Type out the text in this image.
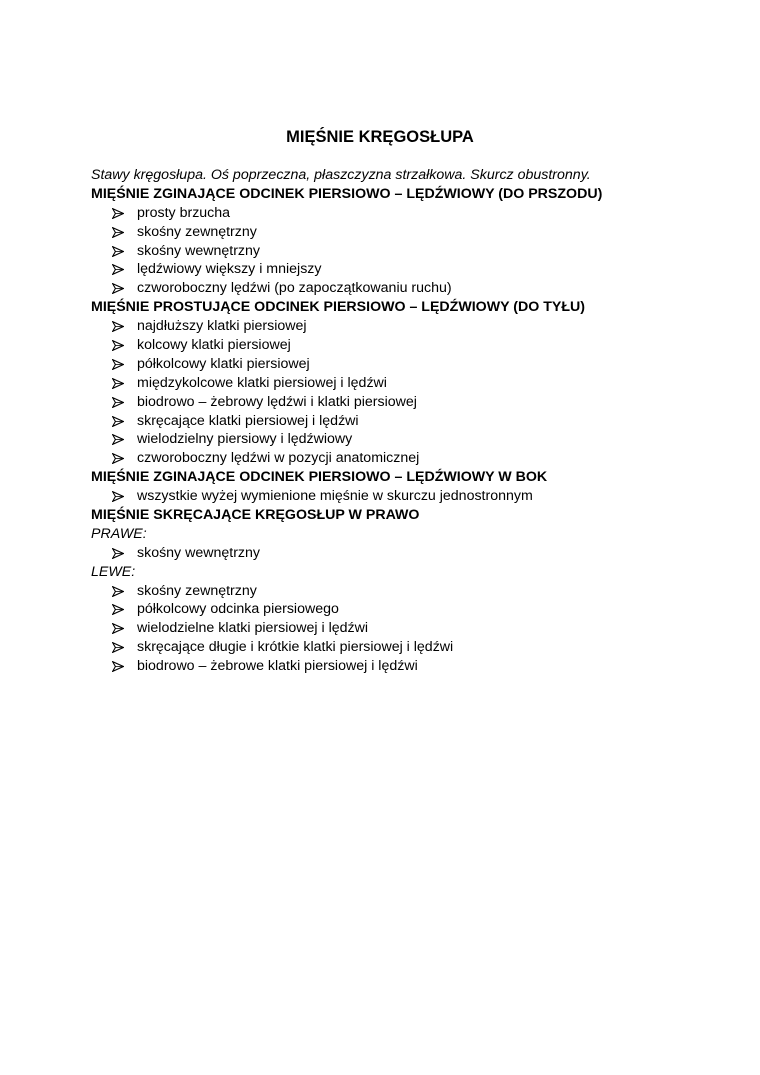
MIĘŚNIE KRĘGOSŁUPA
Stawy kręgosłupa. Oś poprzeczna, płaszczyzna strzałkowa. Skurcz obustronny.
MIĘŚNIE ZGINAJĄCE ODCINEK PIERSIOWO – LĘDŹWIOWY (DO PRSZODU)
prosty brzucha
skośny zewnętrzny
skośny wewnętrzny
lędźwiowy większy i mniejszy
czworoboczny lędźwi (po zapoczątkowaniu ruchu)
MIĘŚNIE PROSTUJĄCE ODCINEK PIERSIOWO – LĘDŹWIOWY (DO TYŁU)
najdłuższy klatki piersiowej
kolcowy klatki piersiowej
półkolcowy klatki piersiowej
międzykolcowe klatki piersiowej i lędźwi
biodrowo – żebrowy lędźwi i klatki piersiowej
skręcające klatki piersiowej i lędźwi
wielodzielny piersiowy i lędźwiowy
czworoboczny lędźwi w pozycji anatomicznej
MIĘŚNIE ZGINAJĄCE ODCINEK PIERSIOWO – LĘDŹWIOWY W BOK
wszystkie wyżej wymienione mięśnie w skurczu jednostronnym
MIĘŚNIE SKRĘCAJĄCE KRĘGOSŁUP W PRAWO
PRAWE:
skośny wewnętrzny
LEWE:
skośny zewnętrzny
półkolcowy odcinka piersiowego
wielodzielne klatki piersiowej i lędźwi
skręcające długie i krótkie klatki piersiowej i lędźwi
biodrowo – żebrowe klatki piersiowej i lędźwi
